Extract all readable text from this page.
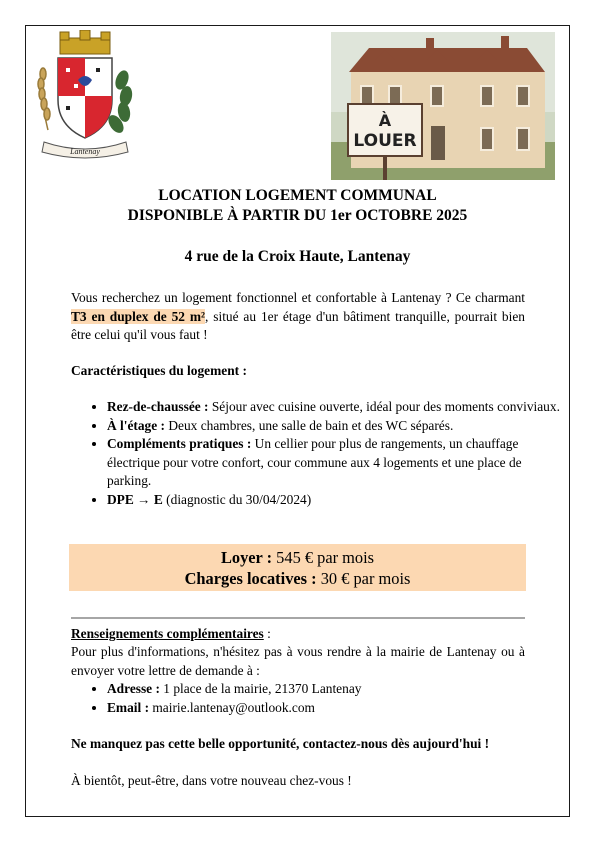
Lantenay
À
LOUER
LOCATION LOGEMENT COMMUNAL
DISPONIBLE À PARTIR DU 1er OCTOBRE 2025
4 rue de la Croix Haute, Lantenay
Vous recherchez un logement fonctionnel et confortable à Lantenay ? Ce charmant T3 en duplex de 52 m², situé au 1er étage d'un bâtiment tranquille, pourrait bien être celui qu'il vous faut !
Caractéristiques du logement :
• Rez-de-chaussée : Séjour avec cuisine ouverte, idéal pour des moments conviviaux.
• À l'étage : Deux chambres, une salle de bain et des WC séparés.
• Compléments pratiques : Un cellier pour plus de rangements, un chauffage électrique pour votre confort, cour commune aux 4 logements et une place de parking.
• DPE → E (diagnostic du 30/04/2024)
Loyer : 545 € par mois
Charges locatives : 30 € par mois
Renseignements complémentaires :
Pour plus d'informations, n'hésitez pas à vous rendre à la mairie de Lantenay ou à envoyer votre lettre de demande à :
• Adresse : 1 place de la mairie, 21370 Lantenay
• Email : mairie.lantenay@outlook.com
Ne manquez pas cette belle opportunité, contactez-nous dès aujourd'hui !
À bientôt, peut-être, dans votre nouveau chez-vous !
